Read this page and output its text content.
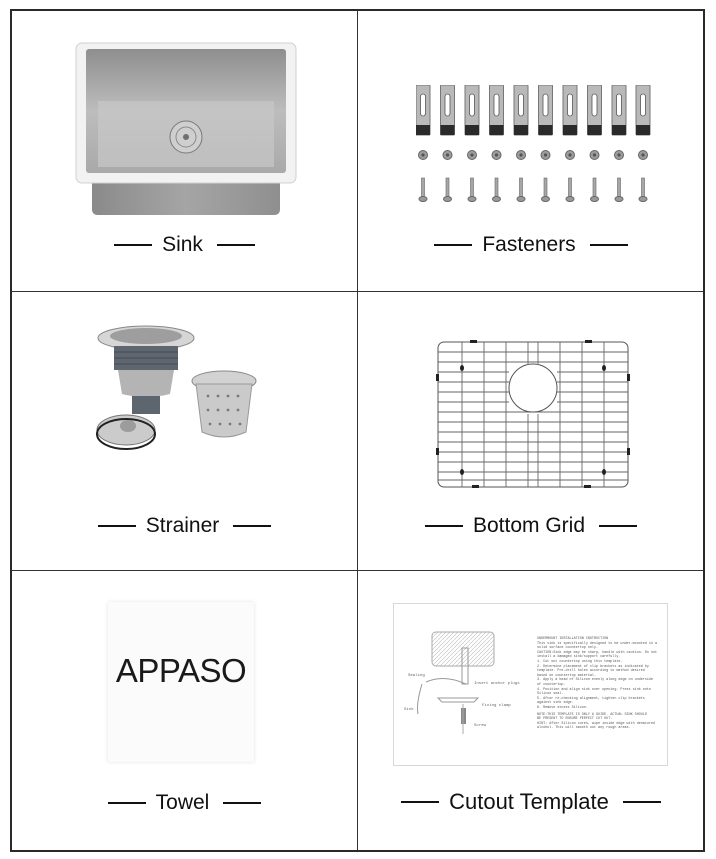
Sink	Fasteners
Strainer	Bottom Grid
APPASO
Towel
Sealing
Insert anchor plugs
Sink
Fixing clamp
Screw
UNDERMOUNT INSTALLATION INSTRUCTION
This sink is specifically designed to be under-mounted in a
solid surface countertop only.
CAUTION:Sink edge may be sharp, handle with caution. Do not
install a damaged sink/support carefully.
1. Cut out countertop using this template.
2. Determine placement of clip brackets as indicated by
template. Pre-drill holes according to method desired
based on countertop material.
3. Apply a bead of Silicon evenly along edge on underside
of countertop.
4. Position and align sink over opening. Press sink onto
Silicon seal.
5. After re-checking alignment, tighten clip brackets
against sink edge.
6. Remove excess Silicon.
NOTE:THIS TEMPLATE IS ONLY A GUIDE. ACTUAL SINK SHOULD
BE PRESENT TO ENSURE PERFECT CUT OUT.
HINT: After Silicon cures, wipe inside edge with denatured
alcohol. This will smooth out any rough areas.
Cutout Template
